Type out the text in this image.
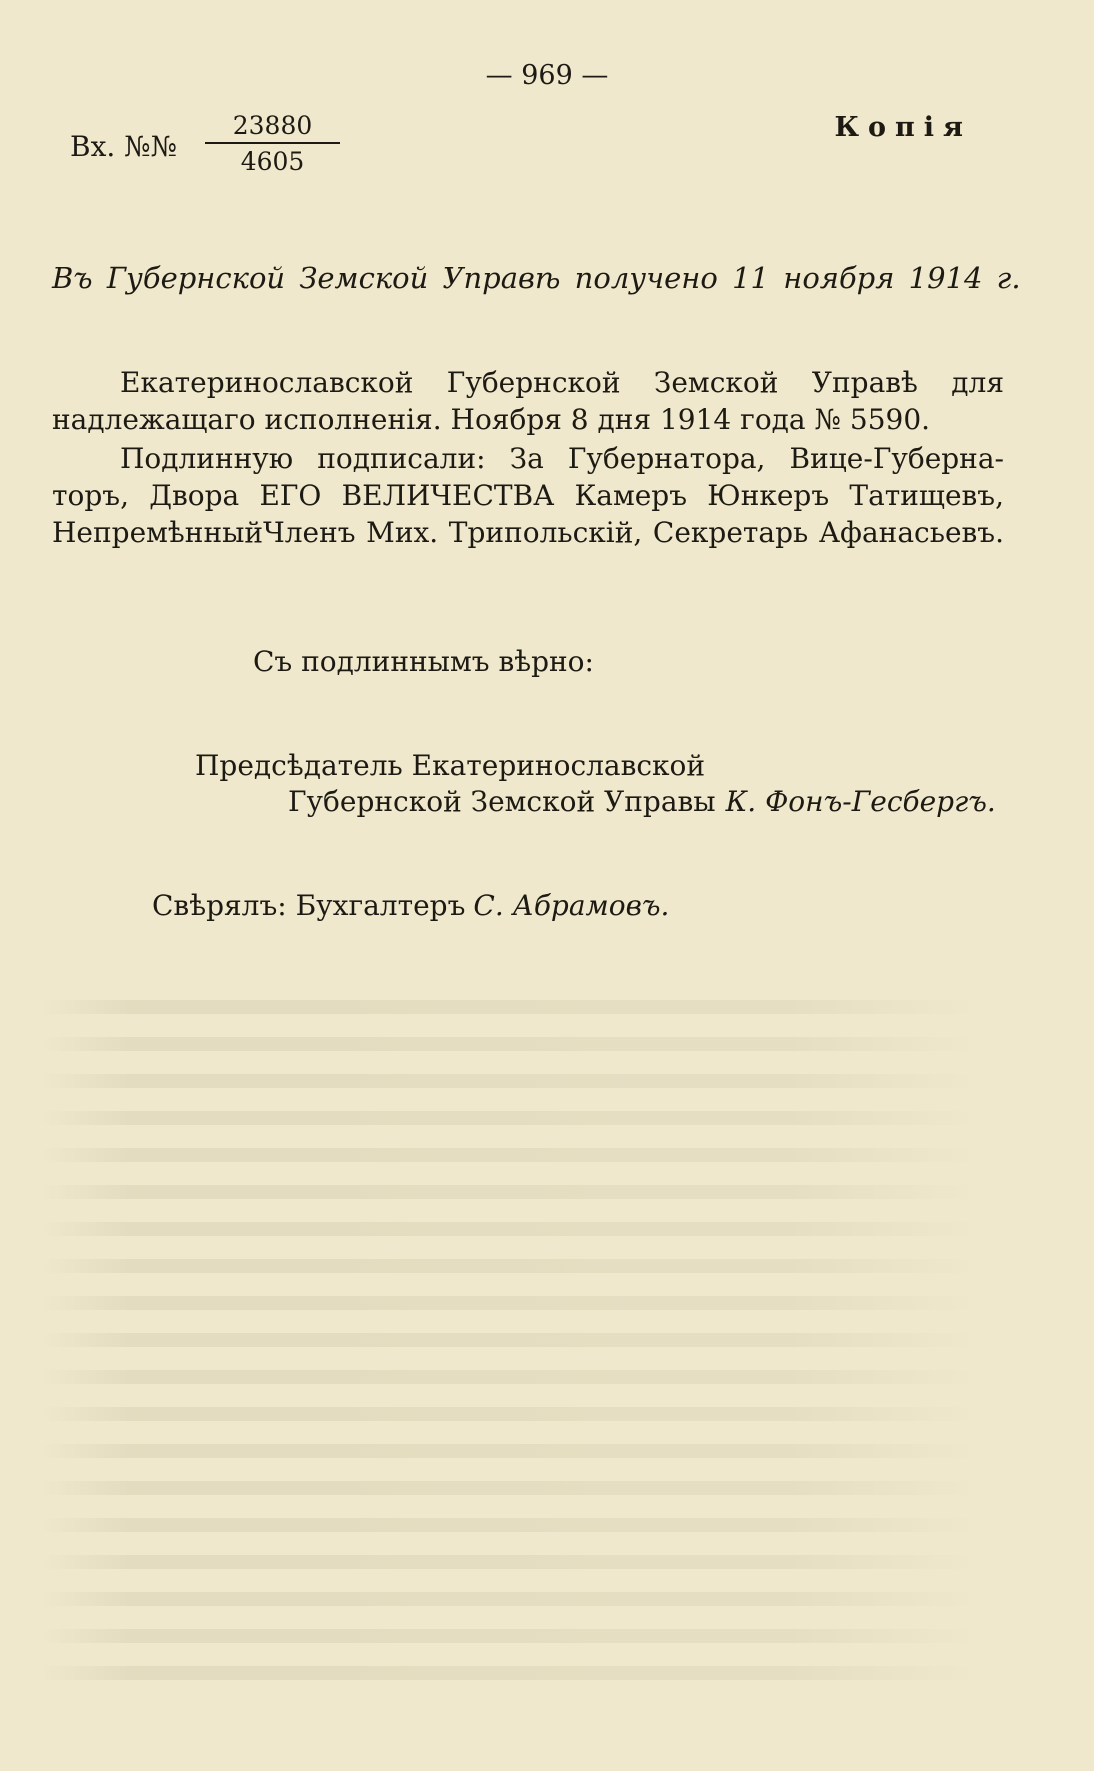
— 969 —
Копія
Вх. №№
23880
4605
Въ Губернской Земской Управѣ получено 11 ноября 1914 г.
Екатеринославской Губернской Земской Управѣ для
надлежащаго исполненія. Ноября 8 дня 1914 года № 5590.
Подлинную подписали: За Губернатора, Вице-Губерна-
торъ, Двора ЕГО ВЕЛИЧЕСТВА Камеръ Юнкеръ Татищевъ,
НепремѣнныйЧленъ Мих. Трипольскій, Секретарь Афанасьевъ.
Съ подлиннымъ вѣрно:
Предсѣдатель Екатеринославской
Губернской Земской Управы К. Фонъ-Гесбергъ.
Свѣрялъ: Бухгалтеръ С. Абрамовъ.
